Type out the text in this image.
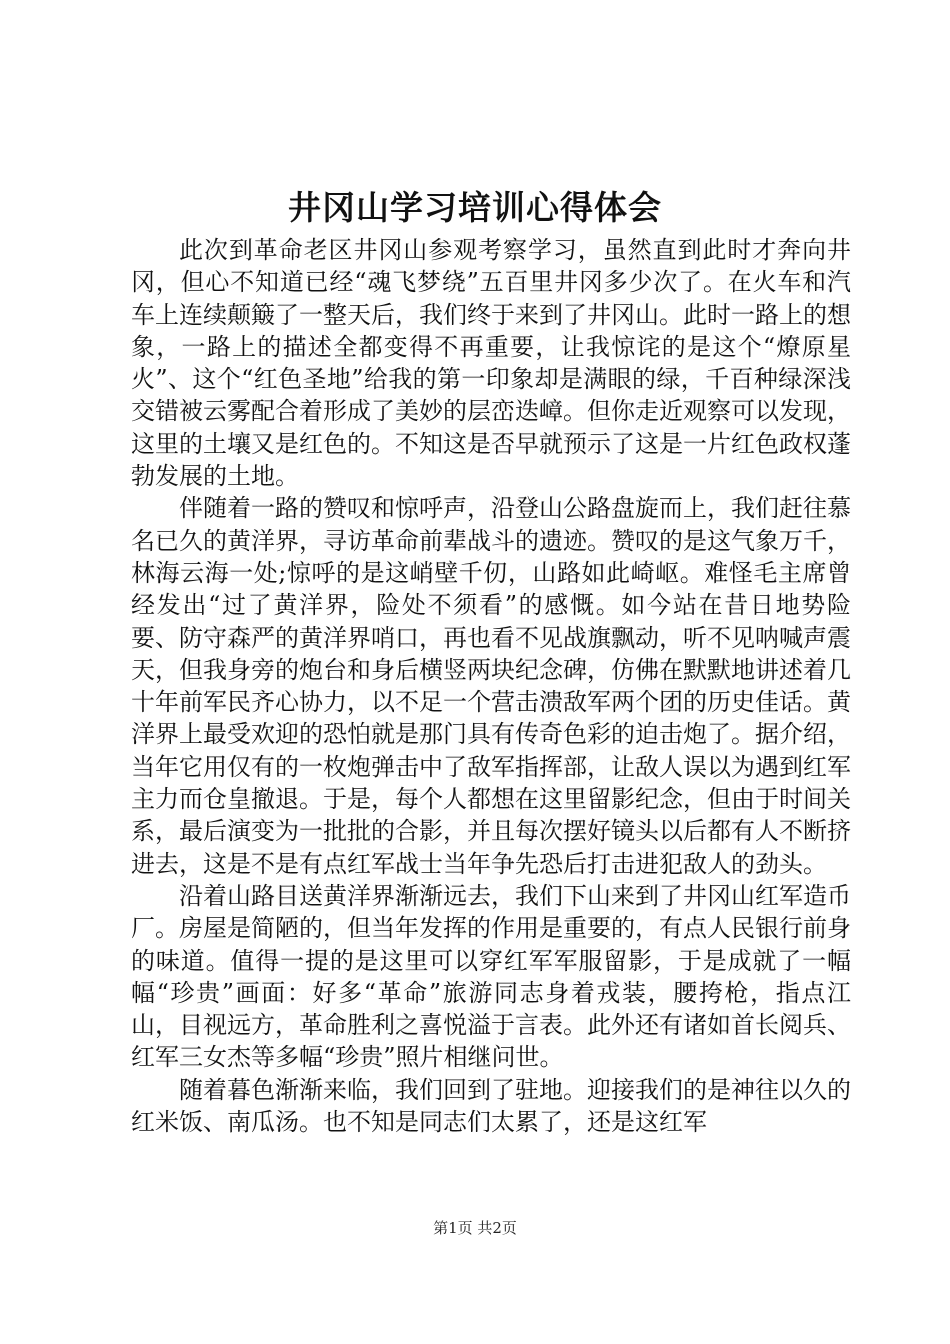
井冈山学习培训心得体会

此次到革命老区井冈山参观考察学习，虽然直到此时才奔向井冈，但心不知道已经“魂飞梦绕”五百里井冈多少次了。在火车和汽车上连续颠簸了一整天后，我们终于来到了井冈山。此时一路上的想象，一路上的描述全都变得不再重要，让我惊诧的是这个“燎原星火”、这个“红色圣地”给我的第一印象却是满眼的绿，千百种绿深浅交错被云雾配合着形成了美妙的层峦迭嶂。但你走近观察可以发现，这里的土壤又是红色的。不知这是否早就预示了这是一片红色政权蓬勃发展的土地。

伴随着一路的赞叹和惊呼声，沿登山公路盘旋而上，我们赶往慕名已久的黄洋界，寻访革命前辈战斗的遗迹。赞叹的是这气象万千，林海云海一处;惊呼的是这峭壁千仞，山路如此崎岖。难怪毛主席曾经发出“过了黄洋界，险处不须看”的感慨。如今站在昔日地势险要、防守森严的黄洋界哨口，再也看不见战旗飘动，听不见呐喊声震天，但我身旁的炮台和身后横竖两块纪念碑，仿佛在默默地讲述着几十年前军民齐心协力，以不足一个营击溃敌军两个团的历史佳话。黄洋界上最受欢迎的恐怕就是那门具有传奇色彩的迫击炮了。据介绍，当年它用仅有的一枚炮弹击中了敌军指挥部，让敌人误以为遇到红军主力而仓皇撤退。于是，每个人都想在这里留影纪念，但由于时间关系，最后演变为一批批的合影，并且每次摆好镜头以后都有人不断挤进去，这是不是有点红军战士当年争先恐后打击进犯敌人的劲头。

沿着山路目送黄洋界渐渐远去，我们下山来到了井冈山红军造币厂。房屋是简陋的，但当年发挥的作用是重要的，有点人民银行前身的味道。值得一提的是这里可以穿红军军服留影，于是成就了一幅幅“珍贵”画面：好多“革命”旅游同志身着戎装，腰挎枪，指点江山，目视远方，革命胜利之喜悦溢于言表。此外还有诸如首长阅兵、红军三女杰等多幅“珍贵”照片相继问世。

随着暮色渐渐来临，我们回到了驻地。迎接我们的是神往以久的红米饭、南瓜汤。也不知是同志们太累了，还是这红军

第1页 共2页
